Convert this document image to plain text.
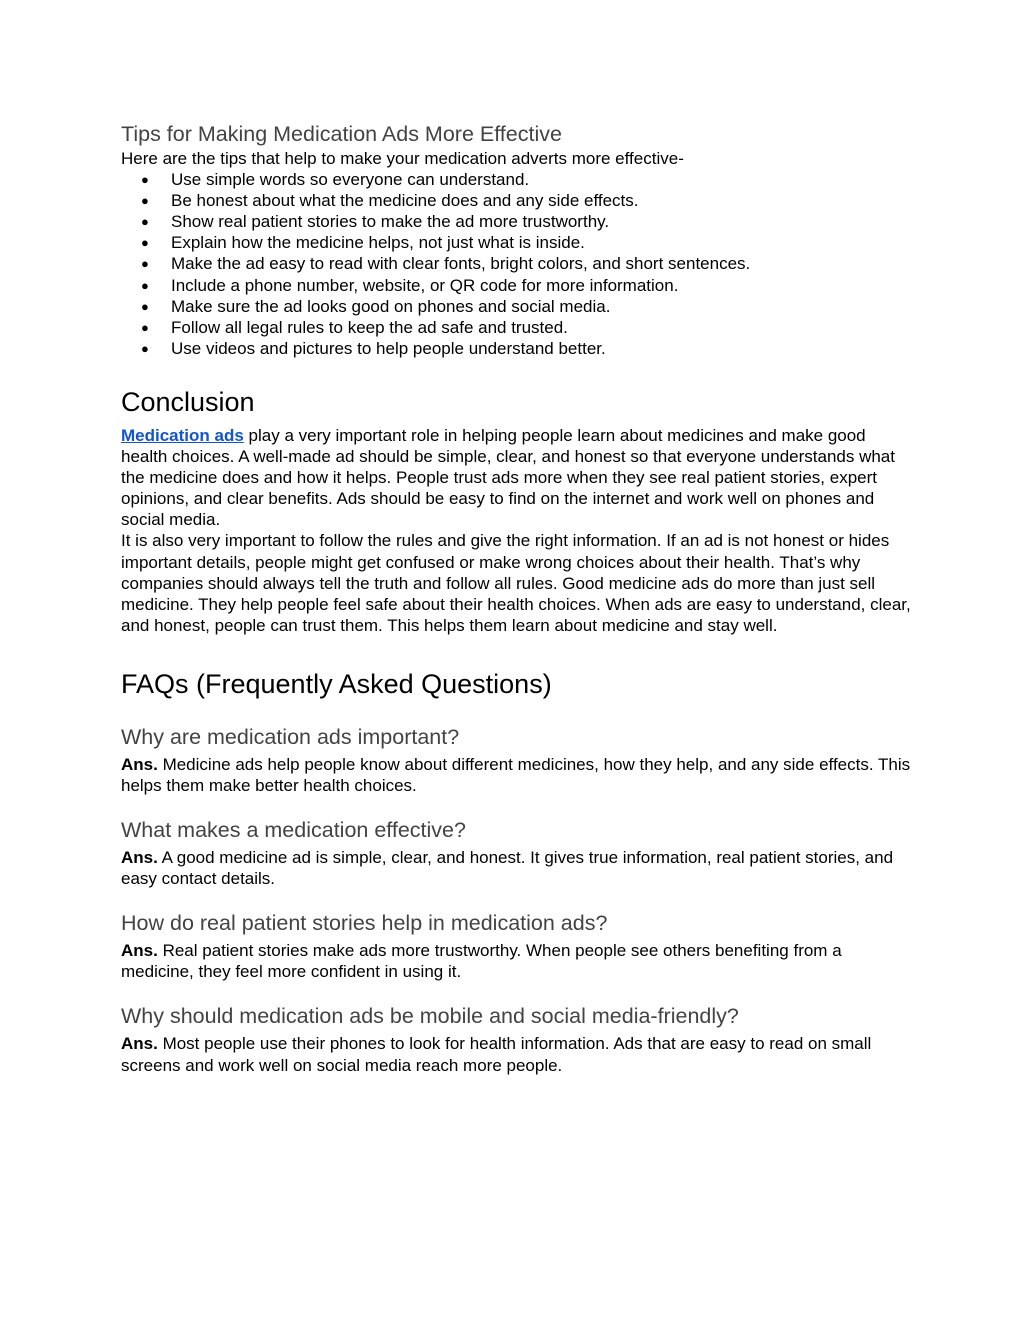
Tips for Making Medication Ads More Effective

Here are the tips that help to make your medication adverts more effective-

● Use simple words so everyone can understand.
● Be honest about what the medicine does and any side effects.
● Show real patient stories to make the ad more trustworthy.
● Explain how the medicine helps, not just what is inside.
● Make the ad easy to read with clear fonts, bright colors, and short sentences.
● Include a phone number, website, or QR code for more information.
● Make sure the ad looks good on phones and social media.
● Follow all legal rules to keep the ad safe and trusted.
● Use videos and pictures to help people understand better.
Conclusion

Medication ads play a very important role in helping people learn about medicines and make good health choices. A well-made ad should be simple, clear, and honest so that everyone understands what the medicine does and how it helps. People trust ads more when they see real patient stories, expert opinions, and clear benefits. Ads should be easy to find on the internet and work well on phones and social media.

It is also very important to follow the rules and give the right information. If an ad is not honest or hides important details, people might get confused or make wrong choices about their health. That’s why companies should always tell the truth and follow all rules. Good medicine ads do more than just sell medicine. They help people feel safe about their health choices. When ads are easy to understand, clear, and honest, people can trust them. This helps them learn about medicine and stay well.

FAQs (Frequently Asked Questions)
Why are medication ads important?

Ans. Medicine ads help people know about different medicines, how they help, and any side effects. This helps them make better health choices.

What makes a medication effective?

Ans. A good medicine ad is simple, clear, and honest. It gives true information, real patient stories, and easy contact details.

How do real patient stories help in medication ads?

Ans. Real patient stories make ads more trustworthy. When people see others benefiting from a medicine, they feel more confident in using it.

Why should medication ads be mobile and social media-friendly?

Ans. Most people use their phones to look for health information. Ads that are easy to read on small screens and work well on social media reach more people.
